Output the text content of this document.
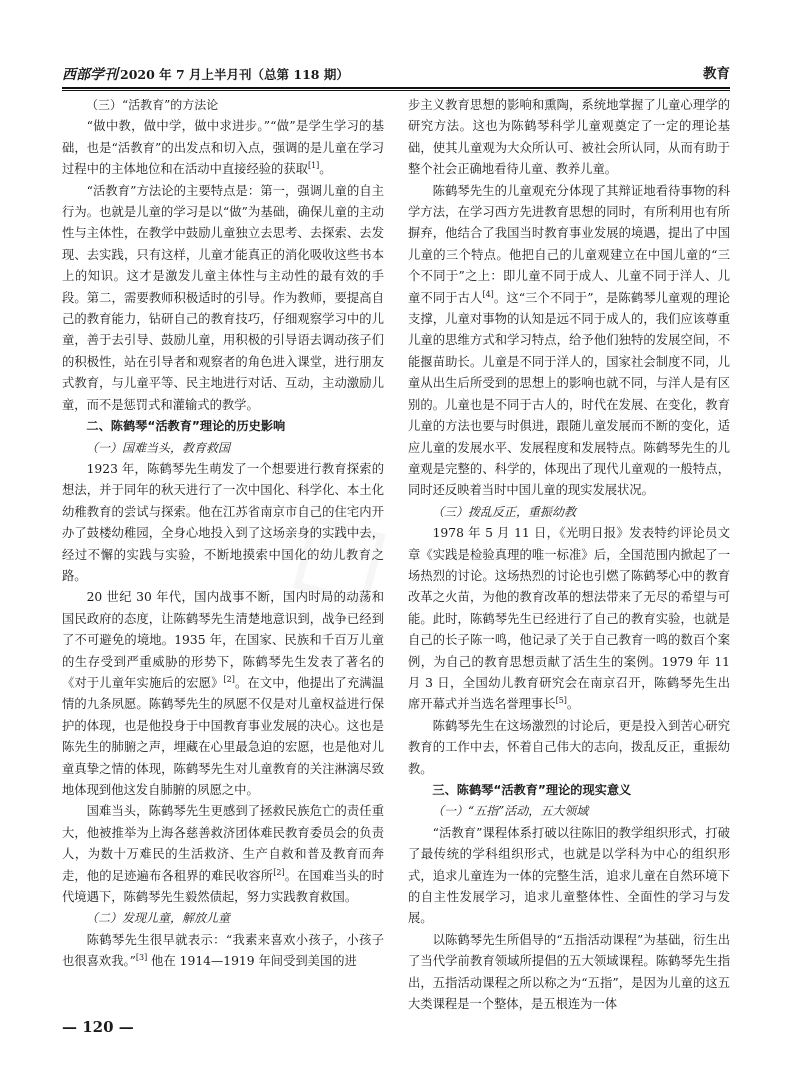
西部学刊 2020 年 7 月上半月刊（总第 118 期）	教育

（三）“活教育”的方法论

“做中教，做中学，做中求进步。”“做”是学生学习的基础，也是“活教育”的出发点和切入点，强调的是儿童在学习过程中的主体地位和在活动中直接经验的获取[1]。

“活教育”方法论的主要特点是：第一，强调儿童的自主行为。也就是儿童的学习是以“做”为基础，确保儿童的主动性与主体性，在教学中鼓励儿童独立去思考、去探索、去发现、去实践，只有这样，儿童才能真正的消化吸收这些书本上的知识。这才是激发儿童主体性与主动性的最有效的手段。第二，需要教师积极适时的引导。作为教师，要提高自己的教育能力，钻研自己的教育技巧，仔细观察学习中的儿童，善于去引导、鼓励儿童，用积极的引导语去调动孩子们的积极性，站在引导者和观察者的角色进入课堂，进行朋友式教育，与儿童平等、民主地进行对话、互动，主动激励儿童，而不是惩罚式和灌输式的教学。

二、陈鹤琴“活教育”理论的历史影响

（一）国难当头，教育救国

1923 年，陈鹤琴先生萌发了一个想要进行教育探索的想法，并于同年的秋天进行了一次中国化、科学化、本土化幼稚教育的尝试与探索。他在江苏省南京市自己的住宅内开办了鼓楼幼稚园，全身心地投入到了这场亲身的实践中去，经过不懈的实践与实验，不断地摸索中国化的幼儿教育之路。

20 世纪 30 年代，国内战事不断，国内时局的动荡和国民政府的态度，让陈鹤琴先生清楚地意识到，战争已经到了不可避免的境地。1935 年，在国家、民族和千百万儿童的生存受到严重威胁的形势下，陈鹤琴先生发表了著名的《对于儿童年实施后的宏愿》[2]。在文中，他提出了充满温情的九条夙愿。陈鹤琴先生的夙愿不仅是对儿童权益进行保护的体现，也是他投身于中国教育事业发展的决心。这也是陈先生的肺腑之声，埋藏在心里最急迫的宏愿，也是他对儿童真挚之情的体现，陈鹤琴先生对儿童教育的关注淋漓尽致地体现到他这发自肺腑的夙愿之中。

国难当头，陈鹤琴先生更感到了拯救民族危亡的责任重大，他被推举为上海各慈善救济团体难民教育委员会的负责人，为数十万难民的生活救济、生产自救和普及教育而奔走，他的足迹遍布各租界的难民收容所[2]。在国难当头的时代境遇下，陈鹤琴先生毅然债起，努力实践教育救国。

（二）发现儿童，解放儿童

陈鹤琴先生很早就表示：“我素来喜欢小孩子，小孩子也很喜欢我。”[3] 他在 1914—1919 年间受到美国的进

步主义教育思想的影响和熏陶，系统地掌握了儿童心理学的研究方法。这也为陈鹤琴科学儿童观奠定了一定的理论基础，使其儿童观为大众所认可、被社会所认同，从而有助于整个社会正确地看待儿童、教养儿童。

陈鹤琴先生的儿童观充分体现了其辩证地看待事物的科学方法，在学习西方先进教育思想的同时，有所利用也有所摒弃，他结合了我国当时教育事业发展的境遇，提出了中国儿童的三个特点。他把自己的儿童观建立在中国儿童的“三个不同于”之上：即儿童不同于成人、儿童不同于洋人、儿童不同于古人[4]。这“三个不同于”，是陈鹤琴儿童观的理论支撑，儿童对事物的认知是远不同于成人的，我们应该尊重儿童的思维方式和学习特点，给予他们独特的发展空间，不能揠苗助长。儿童是不同于洋人的，国家社会制度不同，儿童从出生后所受到的思想上的影响也就不同，与洋人是有区别的。儿童也是不同于古人的，时代在发展、在变化，教育儿童的方法也要与时俱进，跟随儿童发展而不断的变化，适应儿童的发展水平、发展程度和发展特点。陈鹤琴先生的儿童观是完整的、科学的，体现出了现代儿童观的一般特点，同时还反映着当时中国儿童的现实发展状况。

（三）拨乱反正，重振幼教

1978 年 5 月 11 日，《光明日报》发表特约评论员文章《实践是检验真理的唯一标准》后，全国范围内掀起了一场热烈的讨论。这场热烈的讨论也引燃了陈鹤琴心中的教育改革之火苗，为他的教育改革的想法带来了无尽的希望与可能。此时，陈鹤琴先生已经进行了自己的教育实验，也就是自己的长子陈一鸣，他记录了关于自己教育一鸣的数百个案例，为自己的教育思想贡献了活生生的案例。1979 年 11 月 3 日，全国幼儿教育研究会在南京召开，陈鹤琴先生出席开幕式并当选名誉理事长[5]。

陈鹤琴先生在这场激烈的讨论后，更是投入到苦心研究教育的工作中去，怀着自己伟大的志向，拨乱反正，重振幼教。

三、陈鹤琴“活教育”理论的现实意义

（一）“五指”活动，五大领域

“活教育”课程体系打破以往陈旧的教学组织形式，打破了最传统的学科组织形式，也就是以学科为中心的组织形式，追求儿童连为一体的完整生活，追求儿童在自然环境下的自主性发展学习，追求儿童整体性、全面性的学习与发展。

以陈鹤琴先生所倡导的“五指活动课程”为基础，衍生出了当代学前教育领域所提倡的五大领域课程。陈鹤琴先生指出，五指活动课程之所以称之为“五指”，是因为儿童的这五大类课程是一个整体，是五根连为一体

— 120 —
